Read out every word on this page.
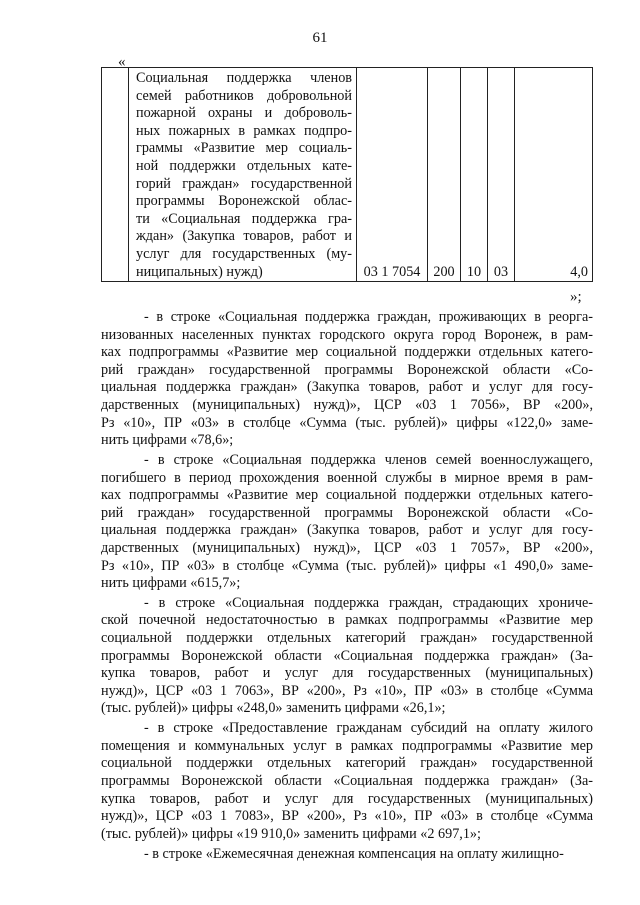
61
«

Социальная поддержка членов
семей работников добровольной
пожарной охраны и доброволь-
ных пожарных в рамках подпро-
граммы «Развитие мер социаль-
ной поддержки отдельных кате-
горий граждан» государственной
программы Воронежской облас-
ти «Социальная поддержка гра-
ждан» (Закупка товаров, работ и
услуг для государственных (му-
ниципальных) нужд)	03 1 7054	200	10	03	4,0
»;
- в строке «Социальная поддержка граждан, проживающих в реорга-
низованных населенных пунктах городского округа город Воронеж, в рам-
ках подпрограммы «Развитие мер социальной поддержки отдельных катего-
рий граждан» государственной программы Воронежской области «Со-
циальная поддержка граждан» (Закупка товаров, работ и услуг для госу-
дарственных (муниципальных) нужд)», ЦСР «03 1 7056», ВР «200»,
Рз «10», ПР «03» в столбце «Сумма (тыс. рублей)» цифры «122,0» заме-
нить цифрами «78,6»;
- в строке «Социальная поддержка членов семей военнослужащего,
погибшего в период прохождения военной службы в мирное время в рам-
ках подпрограммы «Развитие мер социальной поддержки отдельных катего-
рий граждан» государственной программы Воронежской области «Со-
циальная поддержка граждан» (Закупка товаров, работ и услуг для госу-
дарственных (муниципальных) нужд)», ЦСР «03 1 7057», ВР «200»,
Рз «10», ПР «03» в столбце «Сумма (тыс. рублей)» цифры «1 490,0» заме-
нить цифрами «615,7»;
- в строке «Социальная поддержка граждан, страдающих хрониче-
ской почечной недостаточностью в рамках подпрограммы «Развитие мер
социальной поддержки отдельных категорий граждан» государственной
программы Воронежской области «Социальная поддержка граждан» (За-
купка товаров, работ и услуг для государственных (муниципальных)
нужд)», ЦСР «03 1 7063», ВР «200», Рз «10», ПР «03» в столбце «Сумма
(тыс. рублей)» цифры «248,0» заменить цифрами «26,1»;
- в строке «Предоставление гражданам субсидий на оплату жилого
помещения и коммунальных услуг в рамках подпрограммы «Развитие мер
социальной поддержки отдельных категорий граждан» государственной
программы Воронежской области «Социальная поддержка граждан» (За-
купка товаров, работ и услуг для государственных (муниципальных)
нужд)», ЦСР «03 1 7083», ВР «200», Рз «10», ПР «03» в столбце «Сумма
(тыс. рублей)» цифры «19 910,0» заменить цифрами «2 697,1»;
- в строке «Ежемесячная денежная компенсация на оплату жилищно-
